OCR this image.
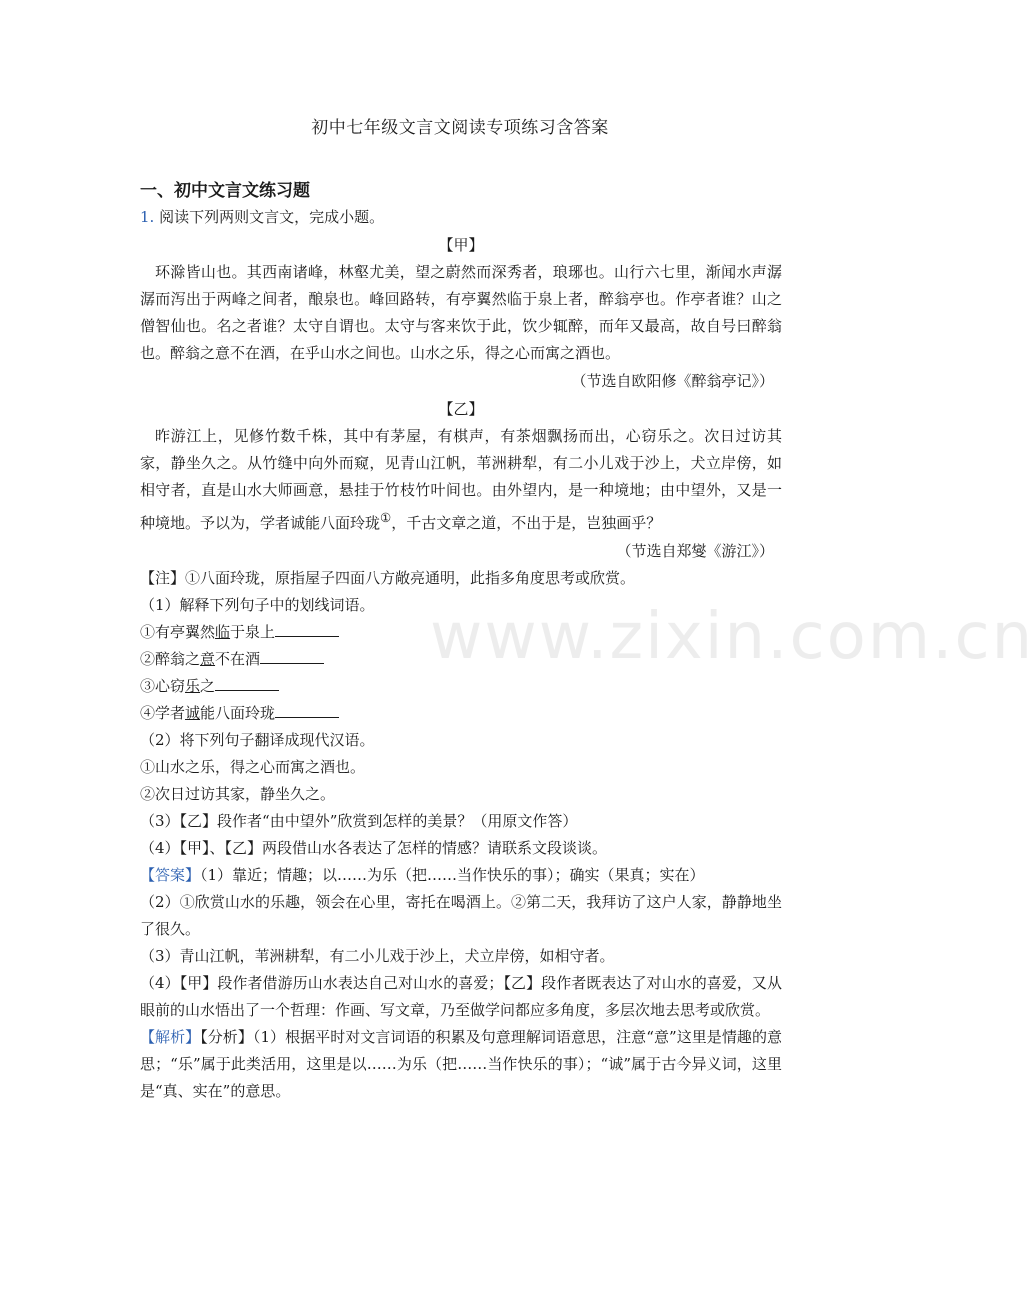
初中七年级文言文阅读专项练习含答案
一、初中文言文练习题
1. 阅读下列两则文言文，完成小题。
【甲】
环滁皆山也。其西南诸峰，林壑尤美，望之蔚然而深秀者，琅琊也。山行六七里，渐闻水声潺潺而泻出于两峰之间者，酿泉也。峰回路转，有亭翼然临于泉上者，醉翁亭也。作亭者谁？山之僧智仙也。名之者谁？太守自谓也。太守与客来饮于此，饮少辄醉，而年又最高，故自号曰醉翁也。醉翁之意不在酒，在乎山水之间也。山水之乐，得之心而寓之酒也。
（节选自欧阳修《醉翁亭记》）
【乙】
昨游江上，见修竹数千株，其中有茅屋，有棋声，有茶烟飘扬而出，心窃乐之。次日过访其家，静坐久之。从竹缝中向外而窥，见青山江帆，苇洲耕犁，有二小儿戏于沙上，犬立岸傍，如相守者，直是山水大师画意，悬挂于竹枝竹叶间也。由外望内，是一种境地；由中望外，又是一种境地。予以为，学者诚能八面玲珑①，千古文章之道，不出于是，岂独画乎？
（节选自郑燮《游江》）
【注】①八面玲珑，原指屋子四面八方敞亮通明，此指多角度思考或欣赏。
（1）解释下列句子中的划线词语。
①有亭翼然临于泉上
②醉翁之意不在酒
③心窃乐之
④学者诚能八面玲珑
（2）将下列句子翻译成现代汉语。
①山水之乐，得之心而寓之酒也。
②次日过访其家，静坐久之。
（3）【乙】段作者“由中望外”欣赏到怎样的美景？（用原文作答）
（4）【甲】、【乙】两段借山水各表达了怎样的情感？请联系文段谈谈。
【答案】（1）靠近；情趣；以……为乐（把……当作快乐的事）；确实（果真；实在）
（2）①欣赏山水的乐趣，领会在心里，寄托在喝酒上。②第二天，我拜访了这户人家，静静地坐了很久。
（3）青山江帆，苇洲耕犁，有二小儿戏于沙上，犬立岸傍，如相守者。
（4）【甲】段作者借游历山水表达自己对山水的喜爱；【乙】段作者既表达了对山水的喜爱，又从眼前的山水悟出了一个哲理：作画、写文章，乃至做学问都应多角度，多层次地去思考或欣赏。
【解析】【分析】（1）根据平时对文言词语的积累及句意理解词语意思，注意“意”这里是情趣的意思；“乐”属于此类活用，这里是以……为乐（把……当作快乐的事）；“诚”属于古今异义词，这里是“真、实在”的意思。
www.zixin.com.cn
